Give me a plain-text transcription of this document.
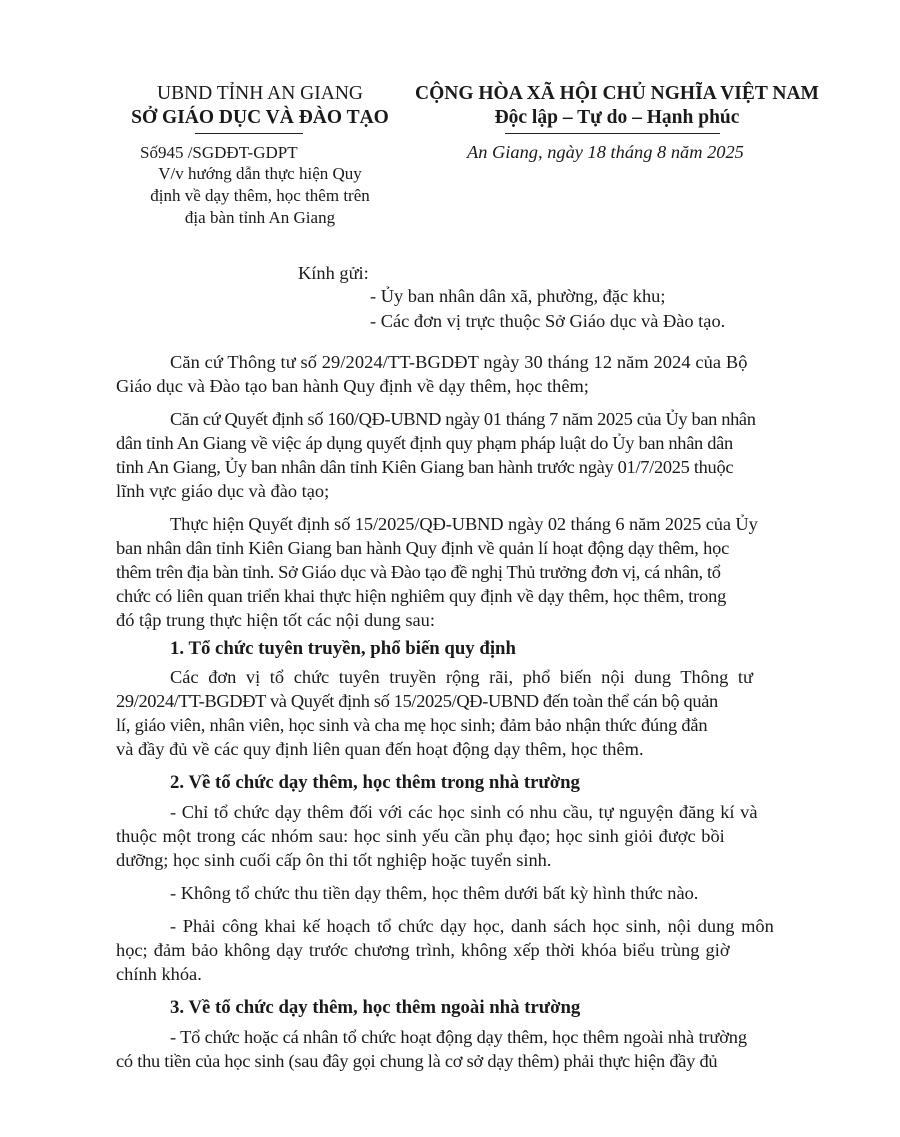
UBND TỈNH AN GIANG
SỞ GIÁO DỤC VÀ ĐÀO TẠO
Số945 /SGDĐT-GDPT
V/v hướng dẫn thực hiện Quy
định về dạy thêm, học thêm trên
địa bàn tỉnh An Giang
CỘNG HÒA XÃ HỘI CHỦ NGHĨA VIỆT NAM
Độc lập – Tự do – Hạnh phúc
An Giang, ngày 18 tháng 8 năm 2025
Kính gửi:
- Ủy ban nhân dân xã, phường, đặc khu;
- Các đơn vị trực thuộc Sở Giáo dục và Đào tạo.
Căn cứ Thông tư số 29/2024/TT-BGDĐT ngày 30 tháng 12 năm 2024 của Bộ
Giáo dục và Đào tạo ban hành Quy định về dạy thêm, học thêm;
Căn cứ Quyết định số 160/QĐ-UBND ngày 01 tháng 7 năm 2025 của Ủy ban nhân
dân tỉnh An Giang về việc áp dụng quyết định quy phạm pháp luật do Ủy ban nhân dân
tỉnh An Giang, Ủy ban nhân dân tỉnh Kiên Giang ban hành trước ngày 01/7/2025 thuộc
lĩnh vực giáo dục và đào tạo;
Thực hiện Quyết định số 15/2025/QĐ-UBND ngày 02 tháng 6 năm 2025 của Ủy
ban nhân dân tỉnh Kiên Giang ban hành Quy định về quản lí hoạt động dạy thêm, học
thêm trên địa bàn tỉnh. Sở Giáo dục và Đào tạo đề nghị Thủ trưởng đơn vị, cá nhân, tổ
chức có liên quan triển khai thực hiện nghiêm quy định về dạy thêm, học thêm, trong
đó tập trung thực hiện tốt các nội dung sau:
1. Tổ chức tuyên truyền, phổ biến quy định
Các đơn vị tổ chức tuyên truyền rộng rãi, phổ biến nội dung Thông tư
29/2024/TT-BGDĐT và Quyết định số 15/2025/QĐ-UBND đến toàn thể cán bộ quản
lí, giáo viên, nhân viên, học sinh và cha mẹ học sinh; đảm bảo nhận thức đúng đắn
và đầy đủ về các quy định liên quan đến hoạt động dạy thêm, học thêm.
2. Về tổ chức dạy thêm, học thêm trong nhà trường
- Chỉ tổ chức dạy thêm đối với các học sinh có nhu cầu, tự nguyện đăng kí và
thuộc một trong các nhóm sau: học sinh yếu cần phụ đạo; học sinh giỏi được bồi
dưỡng; học sinh cuối cấp ôn thi tốt nghiệp hoặc tuyển sinh.
- Không tổ chức thu tiền dạy thêm, học thêm dưới bất kỳ hình thức nào.
- Phải công khai kế hoạch tổ chức dạy học, danh sách học sinh, nội dung môn
học; đảm bảo không dạy trước chương trình, không xếp thời khóa biểu trùng giờ
chính khóa.
3. Về tổ chức dạy thêm, học thêm ngoài nhà trường
- Tổ chức hoặc cá nhân tổ chức hoạt động dạy thêm, học thêm ngoài nhà trường
có thu tiền của học sinh (sau đây gọi chung là cơ sở dạy thêm) phải thực hiện đầy đủ
